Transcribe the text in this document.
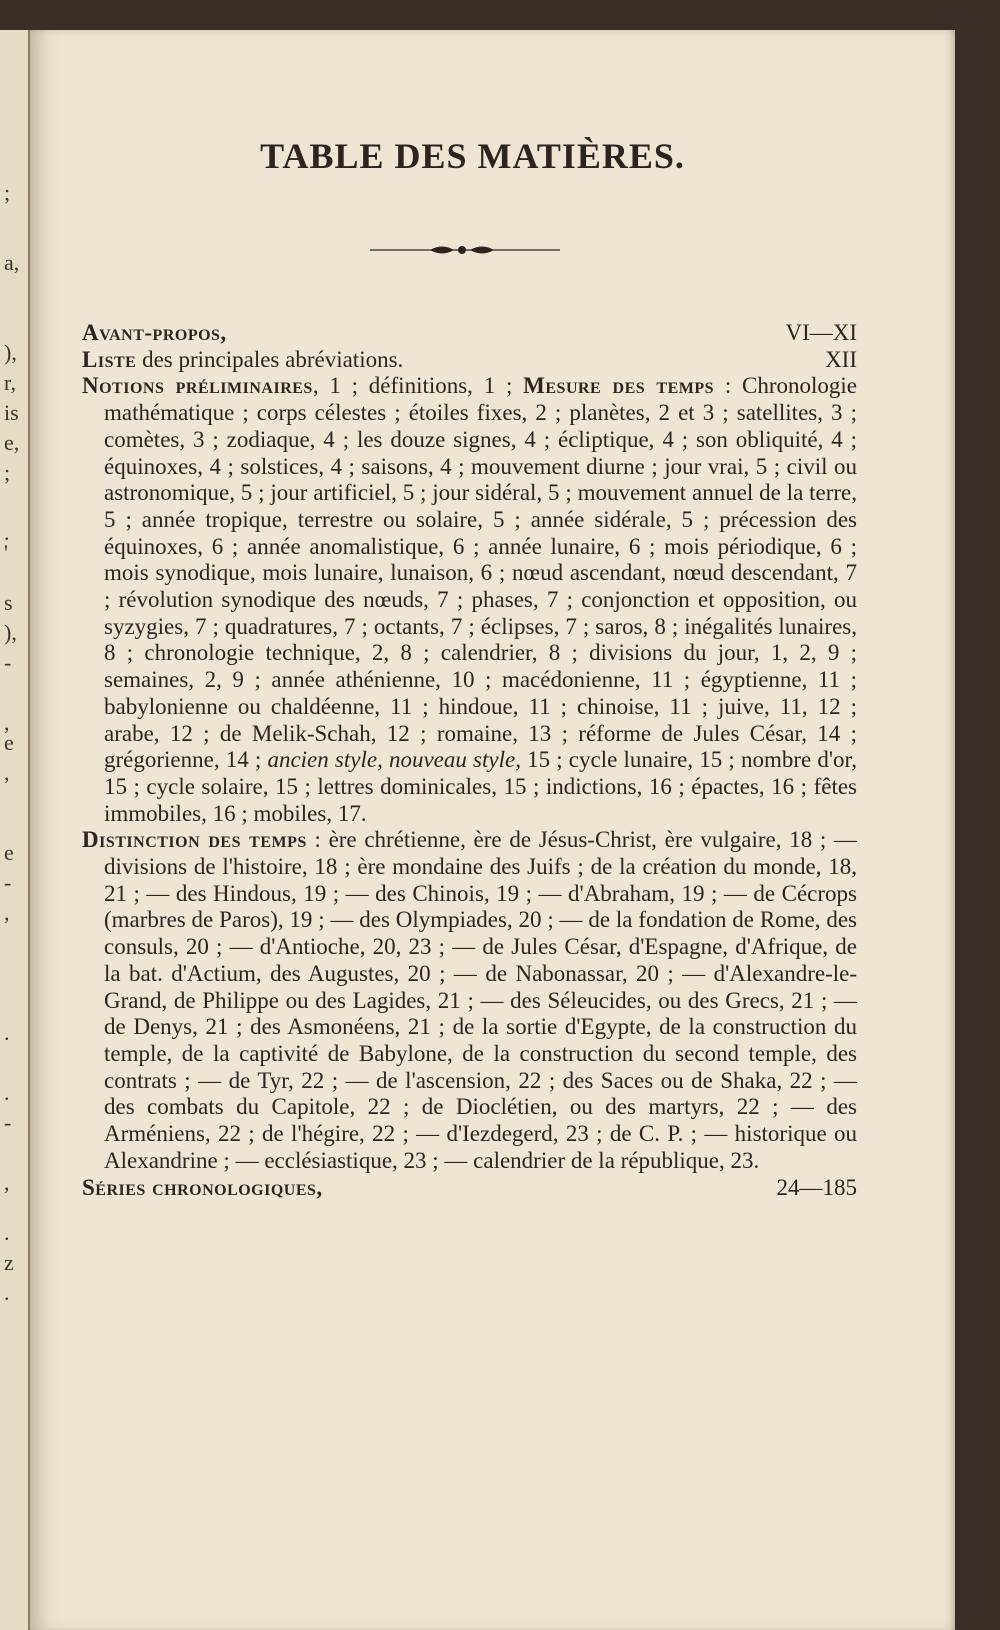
;
a,
),
r,
is
e,
;
.
'
s
),
-
,
e
,
e
-
,
.
.
-
,
.
z
.
TABLE DES MATIÈRES.
Avant-propos,	VI—XI
Liste des principales abréviations.	XII
Notions préliminaires, 1 ; définitions, 1 ; Mesure des temps : Chronologie mathématique ; corps célestes ; étoiles fixes, 2 ; planètes, 2 et 3 ; satellites, 3 ; comètes, 3 ; zodiaque, 4 ; les douze signes, 4 ; écliptique, 4 ; son obliquité, 4 ; équinoxes, 4 ; solstices, 4 ; saisons, 4 ; mouvement diurne ; jour vrai, 5 ; civil ou astronomique, 5 ; jour artificiel, 5 ; jour sidéral, 5 ; mouvement annuel de la terre, 5 ; année tropique, terrestre ou solaire, 5 ; année sidérale, 5 ; précession des équinoxes, 6 ; année anomalistique, 6 ; année lunaire, 6 ; mois périodique, 6 ; mois synodique, mois lunaire, lunaison, 6 ; nœud ascendant, nœud descendant, 7 ; révolution synodique des nœuds, 7 ; phases, 7 ; conjonction et opposition, ou syzygies, 7 ; quadratures, 7 ; octants, 7 ; éclipses, 7 ; saros, 8 ; inégalités lunaires, 8 ; chronologie technique, 2, 8 ; calendrier, 8 ; divisions du jour, 1, 2, 9 ; semaines, 2, 9 ; année athénienne, 10 ; macédonienne, 11 ; égyptienne, 11 ; babylonienne ou chaldéenne, 11 ; hindoue, 11 ; chinoise, 11 ; juive, 11, 12 ; arabe, 12 ; de Melik-Schah, 12 ; romaine, 13 ; réforme de Jules César, 14 ; grégorienne, 14 ; ancien style, nouveau style, 15 ; cycle lunaire, 15 ; nombre d'or, 15 ; cycle solaire, 15 ; lettres dominicales, 15 ; indictions, 16 ; épactes, 16 ; fêtes immobiles, 16 ; mobiles, 17.
Distinction des temps : ère chrétienne, ère de Jésus-Christ, ère vulgaire, 18 ; — divisions de l'histoire, 18 ; ère mondaine des Juifs ; de la création du monde, 18, 21 ; — des Hindous, 19 ; — des Chinois, 19 ; — d'Abraham, 19 ; — de Cécrops (marbres de Paros), 19 ; — des Olympiades, 20 ; — de la fondation de Rome, des consuls, 20 ; — d'Antioche, 20, 23 ; — de Jules César, d'Espagne, d'Afrique, de la bat. d'Actium, des Augustes, 20 ; — de Nabonassar, 20 ; — d'Alexandre-le-Grand, de Philippe ou des Lagides, 21 ; — des Séleucides, ou des Grecs, 21 ; — de Denys, 21 ; des Asmonéens, 21 ; de la sortie d'Egypte, de la construction du temple, de la captivité de Babylone, de la construction du second temple, des contrats ; — de Tyr, 22 ; — de l'ascension, 22 ; des Saces ou de Shaka, 22 ; — des combats du Capitole, 22 ; de Dioclétien, ou des martyrs, 22 ; — des Arméniens, 22 ; de l'hégire, 22 ; — d'Iezdegerd, 23 ; de C. P. ; — historique ou Alexandrine ; — ecclésiastique, 23 ; — calendrier de la république, 23.
Séries chronologiques,	24—185
